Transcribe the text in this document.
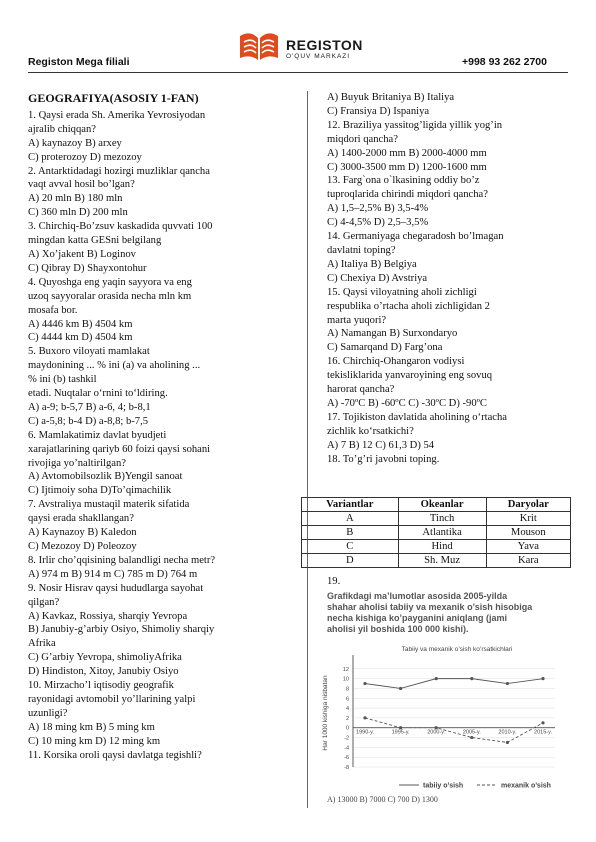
Registon Mega filiali
REGISTON
O'QUV MARKAZI	+998 93 262 2700
GEOGRAFIYA(ASOSIY 1-FAN)
1. Qaysi erada Sh. Amerika Yevrosiyodan
ajralib chiqqan?
A) kaynazoy B) arxey
C) proterozoy D) mezozoy
2. Antarktidadagi hozirgi muzliklar qancha
vaqt avval hosil bo’lgan?
A) 20 mln B) 180 mln
C) 360 mln D) 200 mln
3. Chirchiq-Bo’zsuv kaskadida quvvati 100
mingdan katta GESni belgilang
A) Xo’jakent B) Loginov
C) Qibray D) Shayxontohur
4. Quyoshga eng yaqin sayyora va eng
uzoq sayyoralar orasida necha mln km
mosafa bor.
A) 4446 km B) 4504 km
C) 4444 km D) 4504 km
5. Buxoro viloyati mamlakat
maydonining ... % ini (a) va aholining ...
% ini (b) tashkil
etadi. Nuqtalar o‘rnini to‘ldiring.
A) a-9; b-5,7 B) a-6, 4; b-8,1
C) a-5,8; b-4 D) a-8,8; b-7,5
6. Mamlakatimiz davlat byudjeti
xarajatlarining qariyb 60 foizi qaysi sohani
rivojiga yo’naltirilgan?
A) Avtomobilsozlik B)Yengil sanoat
C) Ijtimoiy soha D)To’qimachilik
7. Avstraliya mustaqil materik sifatida
qaysi erada shakllangan?
A) Kaynazoy B) Kaledon
C) Mezozoy D) Poleozoy
8. Irlir cho’qqisining balandligi necha metr?
A) 974 m B) 914 m C) 785 m D) 764 m
9. Nosir Hisrav qaysi hududlarga sayohat
qilgan?
A) Kavkaz, Rossiya, sharqiy Yevropa
B) Janubiy-g’arbiy Osiyo, Shimoliy sharqiy
Afrika
C) G’arbiy Yevropa, shimoliyAfrika
D) Hindiston, Xitoy, Janubiy Osiyo
10. Mirzacho’l iqtisodiy geografik
rayonidagi avtomobil yo’llarining yalpi
uzunligi?
A) 18 ming km B) 5 ming km
C) 10 ming km D) 12 ming km
11. Korsika oroli qaysi davlatga tegishli?
A) Buyuk Britaniya B) Italiya
C) Fransiya D) Ispaniya
12. Braziliya yassitog’ligida yillik yog’in
miqdori qancha?
A) 1400-2000 mm B) 2000-4000 mm
C) 3000-3500 mm D) 1200-1600 mm
13. Farg`ona o`lkasining oddiy bo’z
tuproqlarida chirindi miqdori qancha?
A) 1,5–2,5% B) 3,5-4%
C) 4-4,5% D) 2,5–3,5%
14. Germaniyaga chegaradosh bo’lmagan
davlatni toping?
A) Italiya B) Belgiya
C) Chexiya D) Avstriya
15. Qaysi viloyatning aholi zichligi
respublika o’rtacha aholi zichligidan 2
marta yuqori?
A) Namangan B) Surxondaryo
C) Samarqand D) Farg’ona
16. Chirchiq-Ohangaron vodiysi
tekisliklarida yanvaroyining eng sovuq
harorat qancha?
A) -70ºC B) -60ºC C) -30ºC D) -90ºC
17. Tojikiston davlatida aholining o‘rtacha
zichlik ko‘rsatkichi?
A) 7 B) 12 C) 61,3 D) 54
18. To’g’ri javobni toping.
Variantlar	Okeanlar	Daryolar
A	Tinch	Krit
B	Atlantika	Mouson
C	Hind	Yava
D	Sh. Muz	Kara
19.
Grafikdagi ma’lumotlar asosida 2005-yilda
shahar aholisi tabiiy va mexanik o’sish hisobiga
necha kishiga ko’payganini aniqlang (jami
aholisi yil boshida 100 000 kishi).
Tabiiy va mexanik o’sish ko’rsatkichlari
Har 1000 kishiga nisbatan
-8
-6
-4
-2
0
2
4
6
8
10
12
1990-y.	1995-y.	2000-y.	2005-y.	2010-y.	2015-y.
tabiiy o’sish	mexanik o’sish
A) 13000 B) 7000 C) 700 D) 1300
